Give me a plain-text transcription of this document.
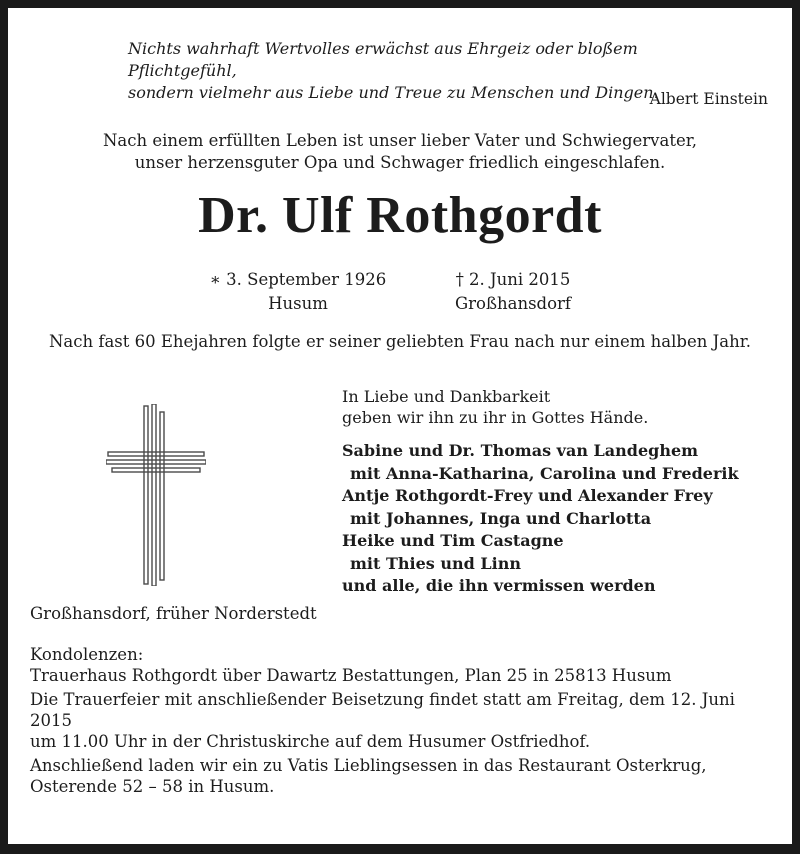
Nichts wahrhaft Wertvolles erwächst aus Ehrgeiz oder bloßem Pflichtgefühl,
sondern vielmehr aus Liebe und Treue zu Menschen und Dingen.
Albert Einstein
Nach einem erfüllten Leben ist unser lieber Vater und Schwiegervater,
unser herzensguter Opa und Schwager friedlich eingeschlafen.
Dr. Ulf Rothgordt
∗ 3. September 1926
Husum
† 2. Juni 2015
Großhansdorf
Nach fast 60 Ehejahren folgte er seiner geliebten Frau nach nur einem halben Jahr.
In Liebe und Dankbarkeit
geben wir ihn zu ihr in Gottes Hände.
Sabine und Dr. Thomas van Landeghem
mit Anna-Katharina, Carolina und Frederik
Antje Rothgordt-Frey und Alexander Frey
mit Johannes, Inga und Charlotta
Heike und Tim Castagne
mit Thies und Linn
und alle, die ihn vermissen werden

Großhansdorf, früher Norderstedt

Kondolenzen:

Trauerhaus Rothgordt über Dawartz Bestattungen, Plan 25 in 25813 Husum

Die Trauerfeier mit anschließender Beisetzung findet statt am Freitag, dem 12. Juni 2015

um 11.00 Uhr in der Christuskirche auf dem Husumer Ostfriedhof.

Anschließend laden wir ein zu Vatis Lieblingsessen in das Restaurant Osterkrug,

Osterende 52 – 58 in Husum.
